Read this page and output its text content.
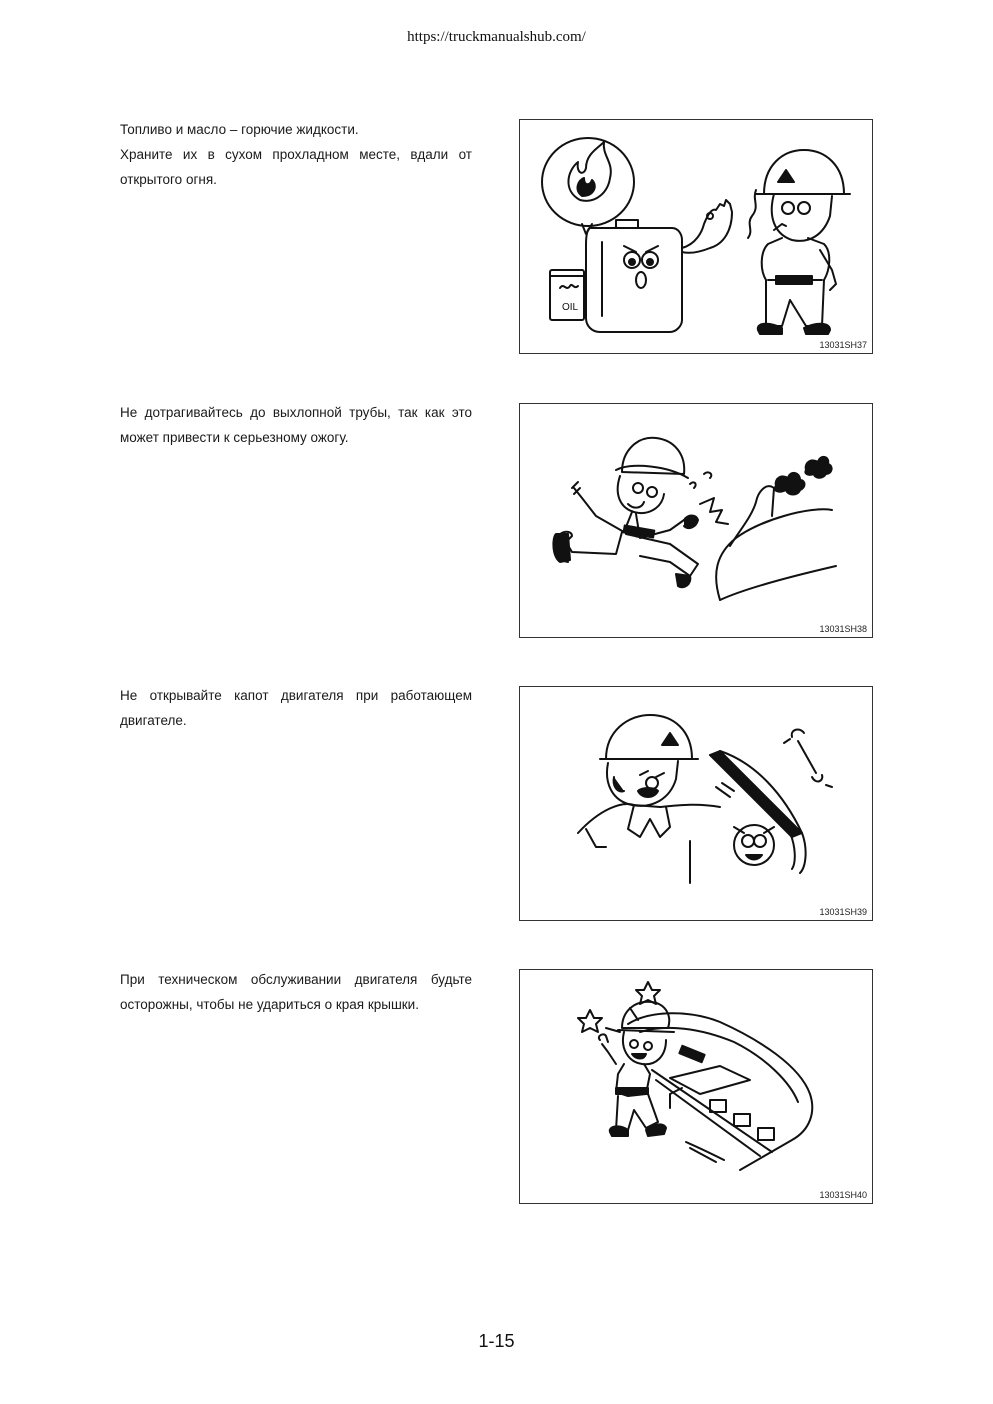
https://truckmanualshub.com/

Топливо и масло – горючие жидкости.

Храните их в сухом прохладном месте, вдали от открытого огня.

OIL
13031SH37

Не дотрагивайтесь до выхлопной трубы, так как это может привести к серьезному ожогу.

13031SH38

Не открывайте капот двигателя при работающем двигателе.

13031SH39

При техническом обслуживании двигателя будьте осторожны, чтобы не удариться о края крышки.

13031SH40
1-15
